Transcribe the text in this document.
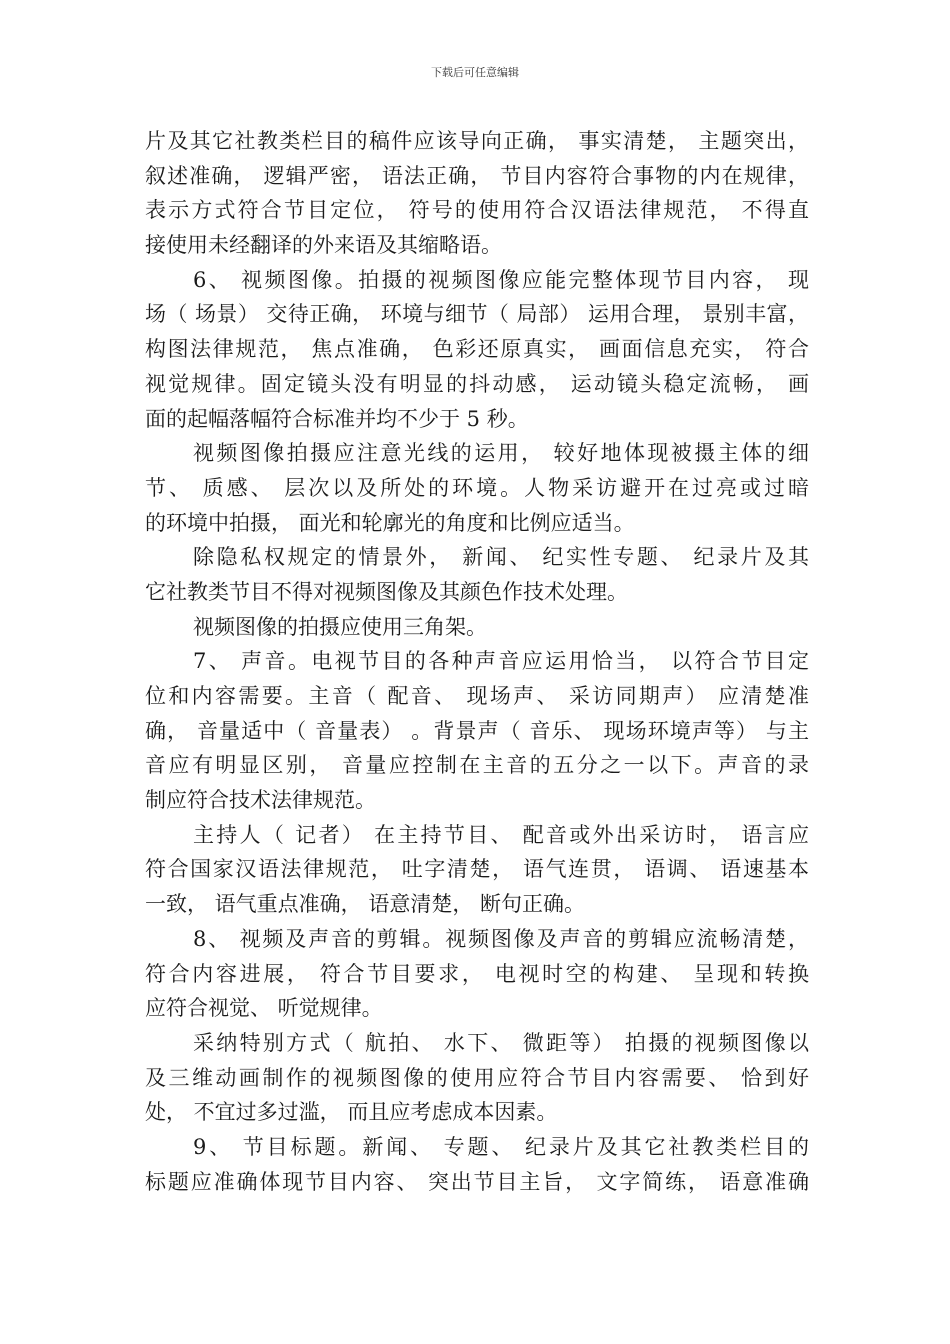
下载后可任意编辑
片及其它社教类栏目的稿件应该导向正确， 事实清楚， 主题突出，
叙述准确， 逻辑严密， 语法正确， 节目内容符合事物的内在规律，
表示方式符合节目定位， 符号的使用符合汉语法律规范， 不得直
接使用未经翻译的外来语及其缩略语。
6、 视频图像。拍摄的视频图像应能完整体现节目内容， 现
场（ 场景） 交待正确， 环境与细节（ 局部） 运用合理， 景别丰富，
构图法律规范， 焦点准确， 色彩还原真实， 画面信息充实， 符合
视觉规律。固定镜头没有明显的抖动感， 运动镜头稳定流畅， 画
面的起幅落幅符合标准并均不少于 5 秒。
视频图像拍摄应注意光线的运用， 较好地体现被摄主体的细
节、 质感、 层次以及所处的环境。人物采访避开在过亮或过暗
的环境中拍摄， 面光和轮廓光的角度和比例应适当。
除隐私权规定的情景外， 新闻、 纪实性专题、 纪录片及其
它社教类节目不得对视频图像及其颜色作技术处理。
视频图像的拍摄应使用三角架。
7、 声音。电视节目的各种声音应运用恰当， 以符合节目定
位和内容需要。主音（ 配音、 现场声、 采访同期声） 应清楚准
确， 音量适中（ 音量表） 。背景声（ 音乐、 现场环境声等） 与主
音应有明显区别， 音量应控制在主音的五分之一以下。声音的录
制应符合技术法律规范。
主持人（ 记者） 在主持节目、 配音或外出采访时， 语言应
符合国家汉语法律规范， 吐字清楚， 语气连贯， 语调、 语速基本
一致， 语气重点准确， 语意清楚， 断句正确。
8、 视频及声音的剪辑。视频图像及声音的剪辑应流畅清楚，
符合内容进展， 符合节目要求， 电视时空的构建、 呈现和转换
应符合视觉、 听觉规律。
采纳特别方式（ 航拍、 水下、 微距等） 拍摄的视频图像以
及三维动画制作的视频图像的使用应符合节目内容需要、 恰到好
处， 不宜过多过滥， 而且应考虑成本因素。
9、 节目标题。新闻、 专题、 纪录片及其它社教类栏目的
标题应准确体现节目内容、 突出节目主旨， 文字简练， 语意准确
